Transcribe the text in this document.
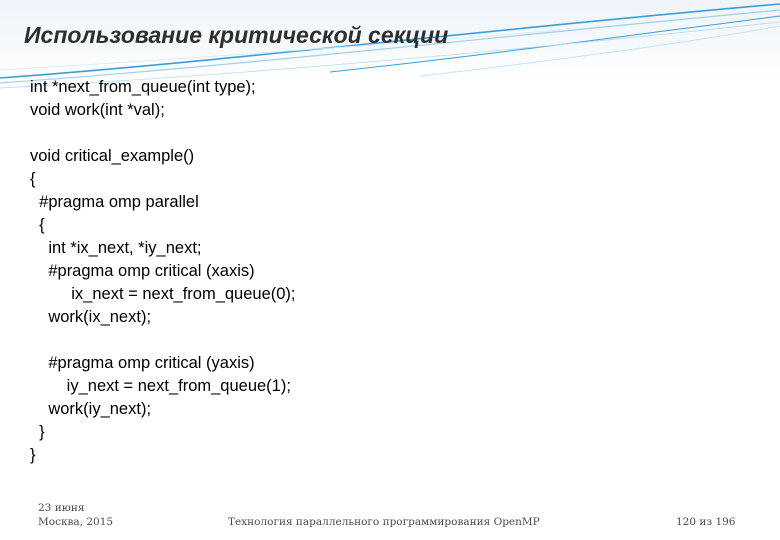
Использование критической секции
int *next_from_queue(int type);
void work(int *val);
void critical_example()
{
#pragma omp parallel
{
int *ix_next, *iy_next;
#pragma omp critical (xaxis)
ix_next = next_from_queue(0);
work(ix_next);
#pragma omp critical (yaxis)
iy_next = next_from_queue(1);
work(iy_next);
}
}
23 июня
Москва, 2015	Технология параллельного программирования OpenMP	120 из 196
